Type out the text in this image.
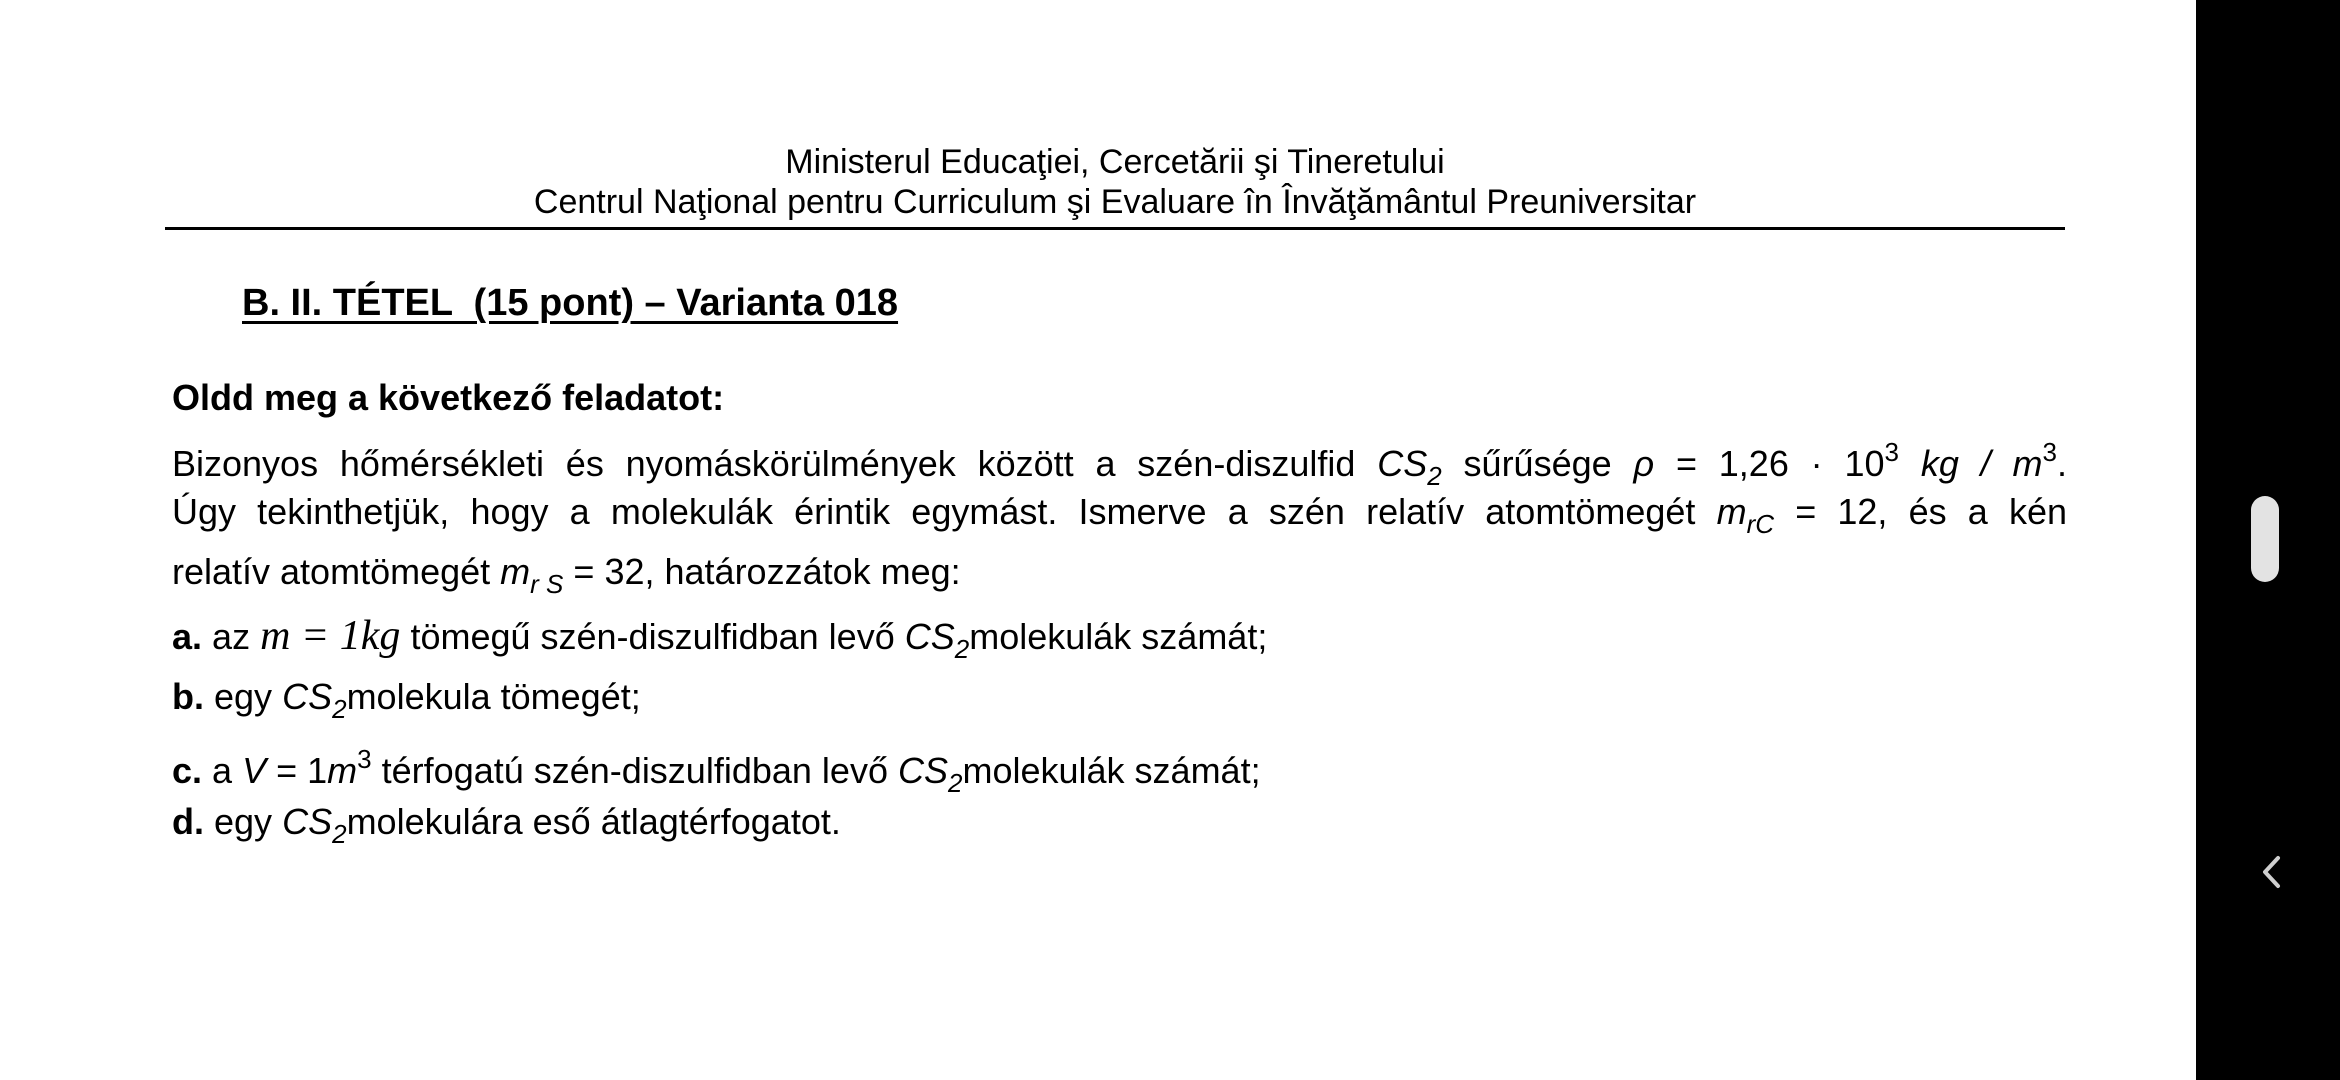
Ministerul Educaţiei, Cercetării şi Tineretului
Centrul Naţional pentru Curriculum şi Evaluare în Învăţământul Preuniversitar
B. II. TÉTEL  (15 pont) – Varianta 018
Oldd meg a következő feladatot:
Bizonyos hőmérsékleti és nyomáskörülmények között a szén-diszulfid $CS_2$ sűrűsége $\rho = 1,26 \cdot 10^3$ kg / $m^3$.
Úgy tekinthetjük, hogy a molekulák érintik egymást. Ismerve a szén relatív atomtömegét $m_{rC} = 12$, és a kén
relatív atomtömegét $m_{r S} = 32$, határozzátok meg:
a. az m = 1kg tömegű szén-diszulfidban levő $CS_2molekulák$ számát;
b. egy $CS_2molekula$ tömegét;
c. a $V = 1m^3$ térfogatú szén-diszulfidban levő $CS_2molekulák$ számát;
d. egy $CS_2molekulára$ eső átlagtérfogatot.
